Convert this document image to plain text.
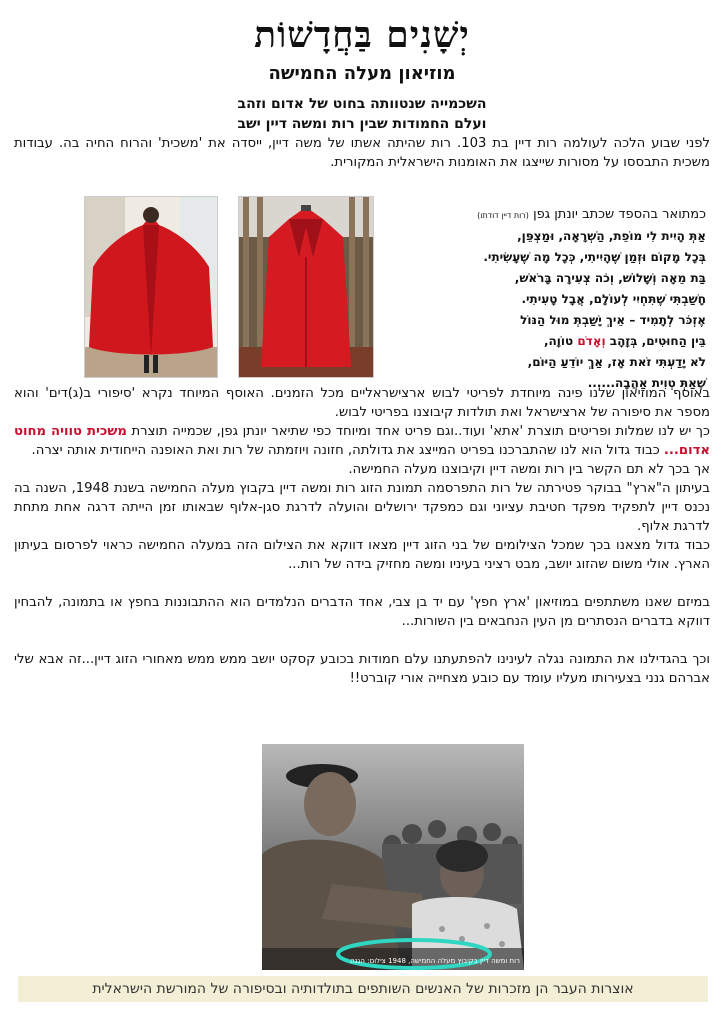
יְשָׁנִים בַּחֲדָשׁוֹת
מוזיאון מעלה החמישה
השכמייה שנטוותה בחוט של אדום וזהב
ועלם החמודות שבין רות ומשה דיין ישב

לפני שבוע הלכה לעולמה רות דיין בת 103. רות שהיתה אשתו של משה דיין, ייסדה את 'משכית' והרוח החיה בה. עבודות משכית התבססו על מסורות שייצגו את האומנות הישראלית המקורית.

כמתואר בהספד שכתב יונתן גפן (רות דיין דודתו)
אַתְּ הָיִית לִי מוֹפֵת, הַשְׁרָאָה, וּמַצְפֵּן,
בְּכָל מָקוֹם וּזְמַן שֶׁהָיִיתִי, כְּכָל מָה שֶׁעָשִׂיתִי.
בַּת מֵאָה וְשָׁלוֹשׁ, וְכֹה צְעִירָה בָּרֹאשׁ,
חָשַׁבְתִּי שֶׁתִּחְיִי לְעוֹלָם, אֲבָל טָעִיתִי.
אֶזְכֹּר לְתָמִיד – אֵיךְ יָשַׁבְתְּ מוּל הַנּוֹל
בֵּין הַחוּטִים, בְּזָהָב וְאָדֹם טוֹוָה,
לֹא יָדַעְתִּי זֹאת אָז, אַךְ יוֹדֵעַ הַיּוֹם,
שֶׁאַתְּ טְוִית אַהֲבָה......

באוסף המוזיאון שלנו פינה מיוחדת לפריטי לבוש ארצישראליים מכל הזמנים. האוסף המיוחד נקרא 'סיפורי ב(ג)דים' והוא מספר את סיפורה של ארצישראל ואת תולדות קיבוצנו בפריטי לבוש.

כך יש לנו שמלות ופריטים תוצרת 'אתא' ועוד..וגם פריט אחד ומיוחד כפי שתיאר יונתן גפן, שכמייה תוצרת משכית טוויה מחוט אדום... כבוד גדול הוא לנו שהתברכנו בפריט המייצג את גדולתה, חזונה ויוזמתה של רות ואת האופנה הייחודית אותה יצרה.

אך בכך לא תם הקשר בין רות ומשה דיין וקיבוצנו מעלה החמישה.

בעיתון ה"ארץ" בבוקר פטירתה של רות התפרסמה תמונת הזוג רות ומשה דיין בקבוץ מעלה החמישה בשנת 1948, השנה בה נכנס דיין לתפקיד מפקד חטיבת עציוני וגם כמפקד ירושלים והועלה לדרגת סגן-אלוף שבאותו זמן הייתה דרגה אחת מתחת לדרגת אלוף.

כבוד גדול מצאנו בכך שמכל הצילומים של בני הזוג דיין מצאו דווקא את הצילום הזה במעלה החמישה כראוי לפרסום בעיתון הארץ. אולי משום שהזוג יושב, מבט רציני בעיניו ומשה מחזיק בידה של רות...

במיזם שאנו משתתפים במוזיאון 'ארץ חפץ' עם יד בן צבי, אחד הדברים הנלמדים הוא ההתבוננות בחפץ או בתמונה, להבחין דווקא בדברים הנסתרים מן העין הנחבאים בין השורות...

וכך בהגדילנו את התמונה נגלה לעינינו להפתעתנו עלם חמודות בכובע קסקט יושב ממש ממש מאחורי הזוג דיין...זה אבא שלי אברהם גנני בצעירותו מעליו עומד עם כובע מצחייה אורי קוברט!!

רות ומשה דיין בקיבוץ מעלה החמישה, 1948 צילום: הגנה
אוצרות העבר הן מזכרות של האנשים השותפים בתולדותיה ובסיפורה של המורשת הישראלית
